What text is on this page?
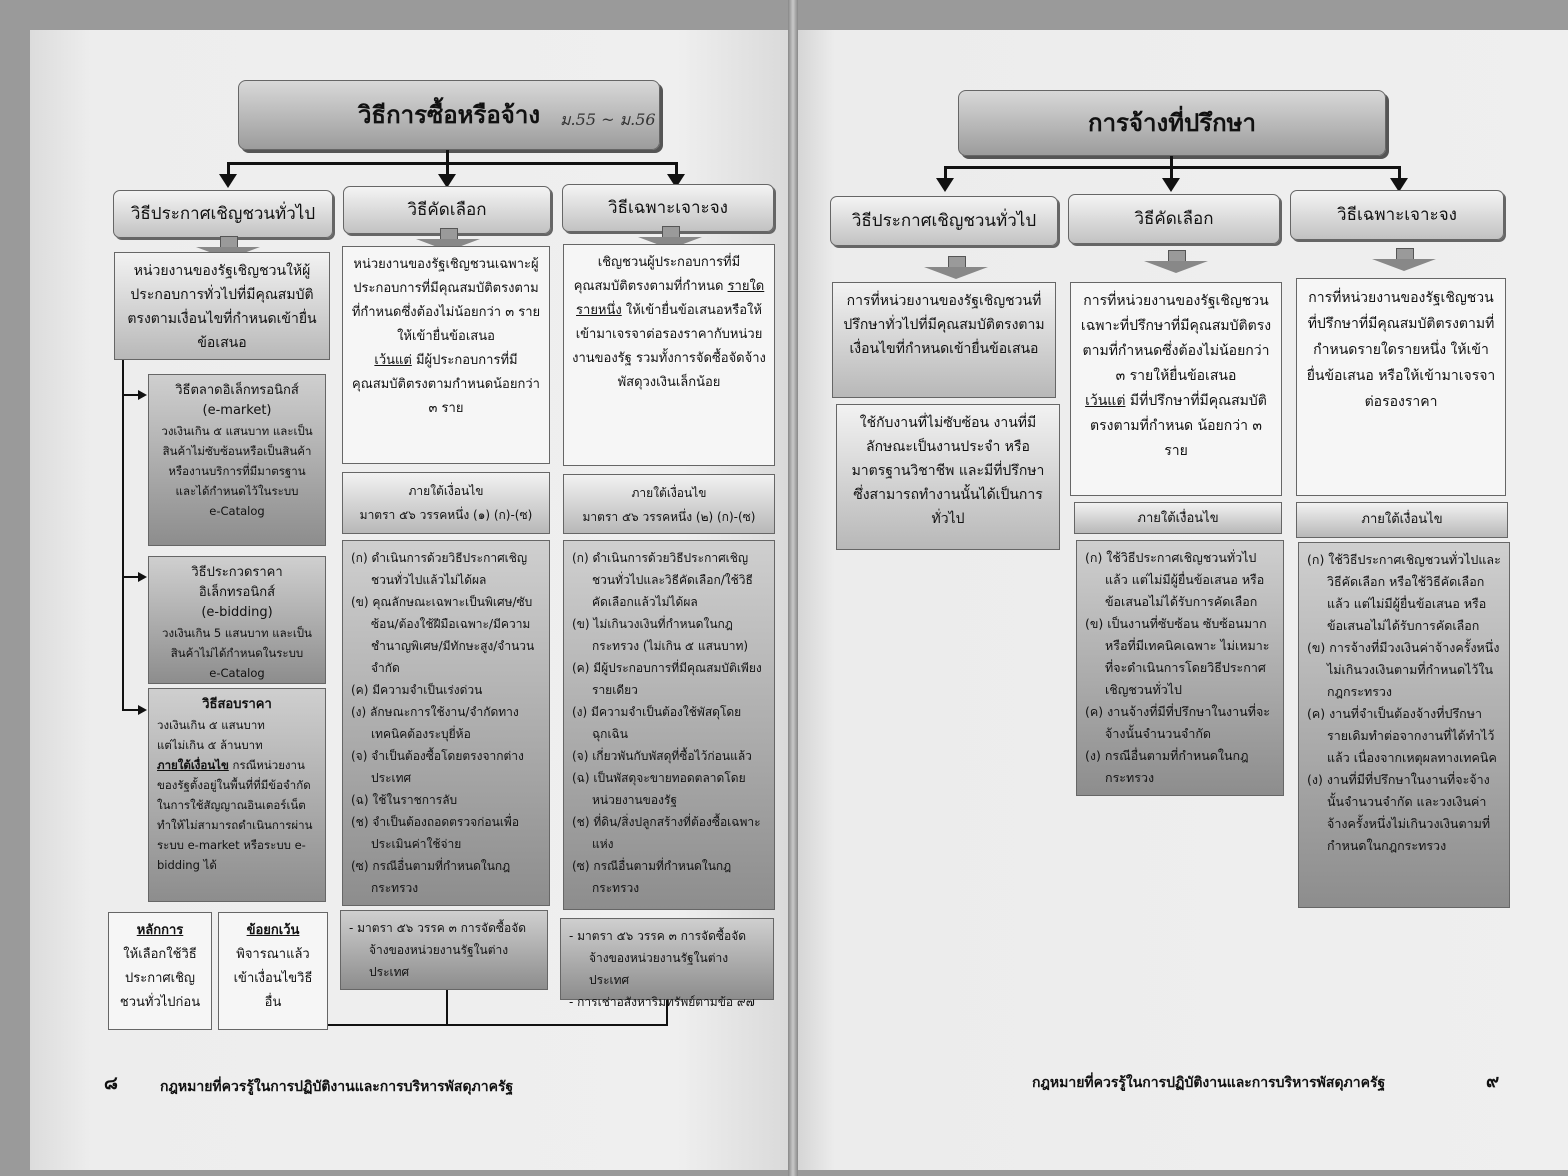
วิธีการซื้อหรือจ้าง ม.55 ~ ม.56
วิธีประกาศเชิญชวนทั่วไป	วิธีคัดเลือก	วิธีเฉพาะเจาะจง
หน่วยงานของรัฐเชิญชวนให้ผู้ประกอบการทั่วไปที่มีคุณสมบัติตรงตามเงื่อนไขที่กำหนดเข้ายื่นข้อเสนอ
วิธีตลาดอิเล็กทรอนิกส์
(e-market)
วงเงินเกิน ๕ แสนบาท และเป็นสินค้าไม่ซับซ้อนหรือเป็นสินค้าหรืองานบริการที่มีมาตรฐาน และได้กำหนดไว้ในระบบ
e-Catalog
วิธีประกวดราคาอิเล็กทรอนิกส์
(e-bidding)
วงเงินเกิน 5 แสนบาท และเป็นสินค้าไม่ได้กำหนดในระบบ
e-Catalog
วิธีสอบราคา
วงเงินเกิน ๕ แสนบาท
แต่ไม่เกิน ๕ ล้านบาท
ภายใต้เงื่อนไข กรณีหน่วยงานของรัฐตั้งอยู่ในพื้นที่ที่มีข้อจำกัด ในการใช้สัญญาณอินเตอร์เน็ต ทำให้ไม่สามารถดำเนินการผ่านระบบ e-market หรือระบบ e-bidding ได้
หลักการ
ให้เลือกใช้วิธีประกาศเชิญชวนทั่วไปก่อน
ข้อยกเว้น
พิจารณาแล้วเข้าเงื่อนไขวิธีอื่น
หน่วยงานของรัฐเชิญชวนเฉพาะผู้ประกอบการที่มีคุณสมบัติตรงตามที่กำหนดซึ่งต้องไม่น้อยกว่า ๓ ราย ให้เข้ายื่นข้อเสนอ
เว้นแต่ มีผู้ประกอบการที่มีคุณสมบัติตรงตามกำหนดน้อยกว่า ๓ ราย
ภายใต้เงื่อนไข
มาตรา ๕๖ วรรคหนึ่ง (๑) (ก)-(ซ)
(ก) ดำเนินการด้วยวิธีประกาศเชิญชวนทั่วไปแล้วไม่ได้ผล
(ข) คุณลักษณะเฉพาะเป็นพิเศษ/ซับซ้อน/ต้องใช้ฝีมือเฉพาะ/มีความชำนาญพิเศษ/มีทักษะสูง/จำนวนจำกัด
(ค) มีความจำเป็นเร่งด่วน
(ง) ลักษณะการใช้งาน/จำกัดทางเทคนิคต้องระบุยี่ห้อ
(จ) จำเป็นต้องซื้อโดยตรงจากต่างประเทศ
(ฉ) ใช้ในราชการลับ
(ช) จำเป็นต้องถอดตรวจก่อนเพื่อประเมินค่าใช้จ่าย
(ซ) กรณีอื่นตามที่กำหนดในกฎกระทรวง
- มาตรา ๕๖ วรรค ๓ การจัดซื้อจัดจ้างของหน่วยงานรัฐในต่างประเทศ
เชิญชวนผู้ประกอบการที่มีคุณสมบัติตรงตามที่กำหนด รายใดรายหนึ่ง ให้เข้ายื่นข้อเสนอหรือให้เข้ามาเจรจาต่อรองราคากับหน่วยงานของรัฐ รวมทั้งการจัดซื้อจัดจ้างพัสดุวงเงินเล็กน้อย
ภายใต้เงื่อนไข
มาตรา ๕๖ วรรคหนึ่ง (๒) (ก)-(ซ)
(ก) ดำเนินการด้วยวิธีประกาศเชิญชวนทั่วไปและวิธีคัดเลือก/ใช้วิธีคัดเลือกแล้วไม่ได้ผล
(ข) ไม่เกินวงเงินที่กำหนดในกฎกระทรวง (ไม่เกิน ๕ แสนบาท)
(ค) มีผู้ประกอบการที่มีคุณสมบัติเพียงรายเดียว
(ง) มีความจำเป็นต้องใช้พัสดุโดยฉุกเฉิน
(จ) เกี่ยวพันกับพัสดุที่ซื้อไว้ก่อนแล้ว
(ฉ) เป็นพัสดุจะขายทอดตลาดโดยหน่วยงานของรัฐ
(ช) ที่ดิน/สิ่งปลูกสร้างที่ต้องซื้อเฉพาะแห่ง
(ซ) กรณีอื่นตามที่กำหนดในกฎกระทรวง
- มาตรา ๕๖ วรรค ๓ การจัดซื้อจัดจ้างของหน่วยงานรัฐในต่างประเทศ
- การเช่าอสังหาริมทรัพย์ตามข้อ ๙๗
๘	กฎหมายที่ควรรู้ในการปฏิบัติงานและการบริหารพัสดุภาครัฐ
การจ้างที่ปรึกษา
วิธีประกาศเชิญชวนทั่วไป	วิธีคัดเลือก	วิธีเฉพาะเจาะจง
การที่หน่วยงานของรัฐเชิญชวนที่ปรึกษาทั่วไปที่มีคุณสมบัติตรงตามเงื่อนไขที่กำหนดเข้ายื่นข้อเสนอ
ใช้กับงานที่ไม่ซับซ้อน งานที่มีลักษณะเป็นงานประจำ หรือมาตรฐานวิชาชีพ และมีที่ปรึกษาซึ่งสามารถทำงานนั้นได้เป็นการทั่วไป
การที่หน่วยงานของรัฐเชิญชวนเฉพาะที่ปรึกษาที่มีคุณสมบัติตรงตามที่กำหนดซึ่งต้องไม่น้อยกว่า ๓ รายให้ยื่นข้อเสนอ
เว้นแต่ มีที่ปรึกษาที่มีคุณสมบัติ ตรงตามที่กำหนด น้อยกว่า ๓ ราย
ภายใต้เงื่อนไข
(ก) ใช้วิธีประกาศเชิญชวนทั่วไปแล้ว แต่ไม่มีผู้ยื่นข้อเสนอ หรือข้อเสนอไม่ได้รับการคัดเลือก
(ข) เป็นงานที่ซับซ้อน ซับซ้อนมากหรือที่มีเทคนิคเฉพาะ ไม่เหมาะที่จะดำเนินการโดยวิธีประกาศเชิญชวนทั่วไป
(ค) งานจ้างที่มีที่ปรึกษาในงานที่จะจ้างนั้นจำนวนจำกัด
(ง) กรณีอื่นตามที่กำหนดในกฎกระทรวง
การที่หน่วยงานของรัฐเชิญชวนที่ปรึกษาที่มีคุณสมบัติตรงตามที่กำหนดรายใดรายหนึ่ง ให้เข้ายื่นข้อเสนอ หรือให้เข้ามาเจรจาต่อรองราคา
ภายใต้เงื่อนไข
(ก) ใช้วิธีประกาศเชิญชวนทั่วไปและวิธีคัดเลือก หรือใช้วิธีคัดเลือกแล้ว แต่ไม่มีผู้ยื่นข้อเสนอ หรือข้อเสนอไม่ได้รับการคัดเลือก
(ข) การจ้างที่มีวงเงินค่าจ้างครั้งหนึ่งไม่เกินวงเงินตามที่กำหนดไว้ในกฎกระทรวง
(ค) งานที่จำเป็นต้องจ้างที่ปรึกษารายเดิมทำต่อจากงานที่ได้ทำไว้แล้ว เนื่องจากเหตุผลทางเทคนิค
(ง) งานที่มีที่ปรึกษาในงานที่จะจ้างนั้นจำนวนจำกัด และวงเงินค่าจ้างครั้งหนึ่งไม่เกินวงเงินตามที่กำหนดในกฎกระทรวง
กฎหมายที่ควรรู้ในการปฏิบัติงานและการบริหารพัสดุภาครัฐ	๙
